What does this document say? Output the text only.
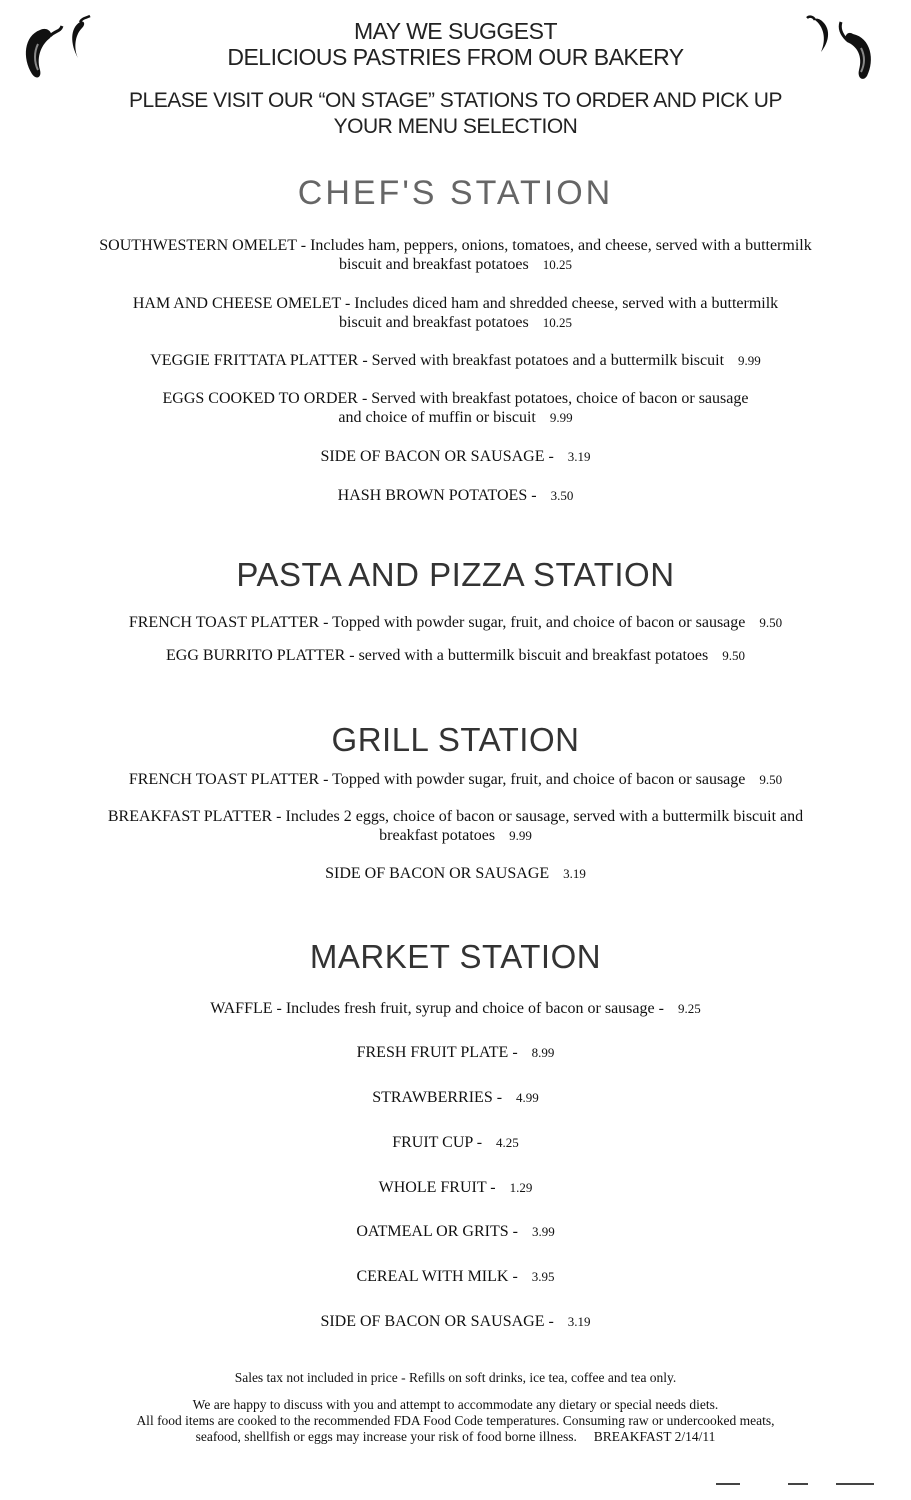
MAY WE SUGGEST
DELICIOUS PASTRIES FROM OUR BAKERY
PLEASE VISIT OUR “ON STAGE” STATIONS TO ORDER AND PICK UP
YOUR MENU SELECTION
CHEF'S STATION
SOUTHWESTERN OMELET - Includes ham, peppers, onions, tomatoes, and cheese, served with a buttermilk
biscuit and breakfast potatoes 10.25
HAM AND CHEESE OMELET - Includes diced ham and shredded cheese, served with a buttermilk
biscuit and breakfast potatoes 10.25
VEGGIE FRITTATA PLATTER - Served with breakfast potatoes and a buttermilk biscuit 9.99
EGGS COOKED TO ORDER - Served with breakfast potatoes, choice of bacon or sausage
and choice of muffin or biscuit 9.99
SIDE OF BACON OR SAUSAGE - 3.19
HASH BROWN POTATOES - 3.50
PASTA AND PIZZA STATION
FRENCH TOAST PLATTER - Topped with powder sugar, fruit, and choice of bacon or sausage 9.50
EGG BURRITO PLATTER - served with a buttermilk biscuit and breakfast potatoes 9.50
GRILL STATION
FRENCH TOAST PLATTER - Topped with powder sugar, fruit, and choice of bacon or sausage 9.50
BREAKFAST PLATTER - Includes 2 eggs, choice of bacon or sausage, served with a buttermilk biscuit and
breakfast potatoes 9.99
SIDE OF BACON OR SAUSAGE 3.19
MARKET STATION
WAFFLE - Includes fresh fruit, syrup and choice of bacon or sausage - 9.25
FRESH FRUIT PLATE - 8.99
STRAWBERRIES - 4.99
FRUIT CUP - 4.25
WHOLE FRUIT - 1.29
OATMEAL OR GRITS - 3.99
CEREAL WITH MILK - 3.95
SIDE OF BACON OR SAUSAGE - 3.19
Sales tax not included in price - Refills on soft drinks, ice tea, coffee and tea only.
We are happy to discuss with you and attempt to accommodate any dietary or special needs diets.
All food items are cooked to the recommended FDA Food Code temperatures. Consuming raw or undercooked meats,
seafood, shellfish or eggs may increase your risk of food borne illness. BREAKFAST 2/14/11
